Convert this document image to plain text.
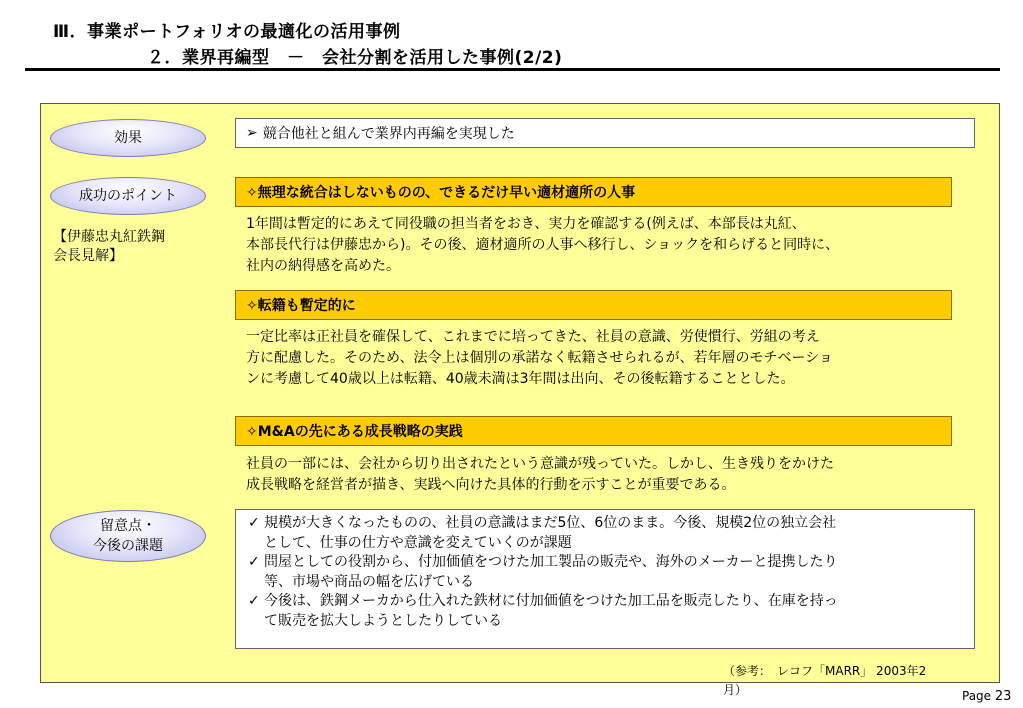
Ⅲ．事業ポートフォリオの最適化の活用事例
２．業界再編型　－　会社分割を活用した事例(2/2)
効果	➢ 競合他社と組んで業界内再編を実現した
成功のポイント
【伊藤忠丸紅鉄鋼
会長見解】
✧無理な統合はしないものの、できるだけ早い適材適所の人事
1年間は暫定的にあえて同役職の担当者をおき、実力を確認する(例えば、本部長は丸紅、
本部長代行は伊藤忠から)。その後、適材適所の人事へ移行し、ショックを和らげると同時に、
社内の納得感を高めた。
✧転籍も暫定的に
一定比率は正社員を確保して、これまでに培ってきた、社員の意識、労使慣行、労組の考え
方に配慮した。そのため、法令上は個別の承諾なく転籍させられるが、若年層のモチベーショ
ンに考慮して40歳以上は転籍、40歳未満は3年間は出向、その後転籍することとした。
✧M&Aの先にある成長戦略の実践
社員の一部には、会社から切り出されたという意識が残っていた。しかし、生き残りをかけた
成長戦略を経営者が描き、実践へ向けた具体的行動を示すことが重要である。
留意点・
今後の課題
✓ 規模が大きくなったものの、社員の意識はまだ5位、6位のまま。今後、規模2位の独立会社
として、仕事の仕方や意識を変えていくのが課題
✓ 問屋としての役割から、付加価値をつけた加工製品の販売や、海外のメーカーと提携したり
等、市場や商品の幅を広げている
✓ 今後は、鉄鋼メーカから仕入れた鉄材に付加価値をつけた加工品を販売したり、在庫を持っ
て販売を拡大しようとしたりしている
（参考：　レコフ「MARR」 2003年2
月）	Page 23
